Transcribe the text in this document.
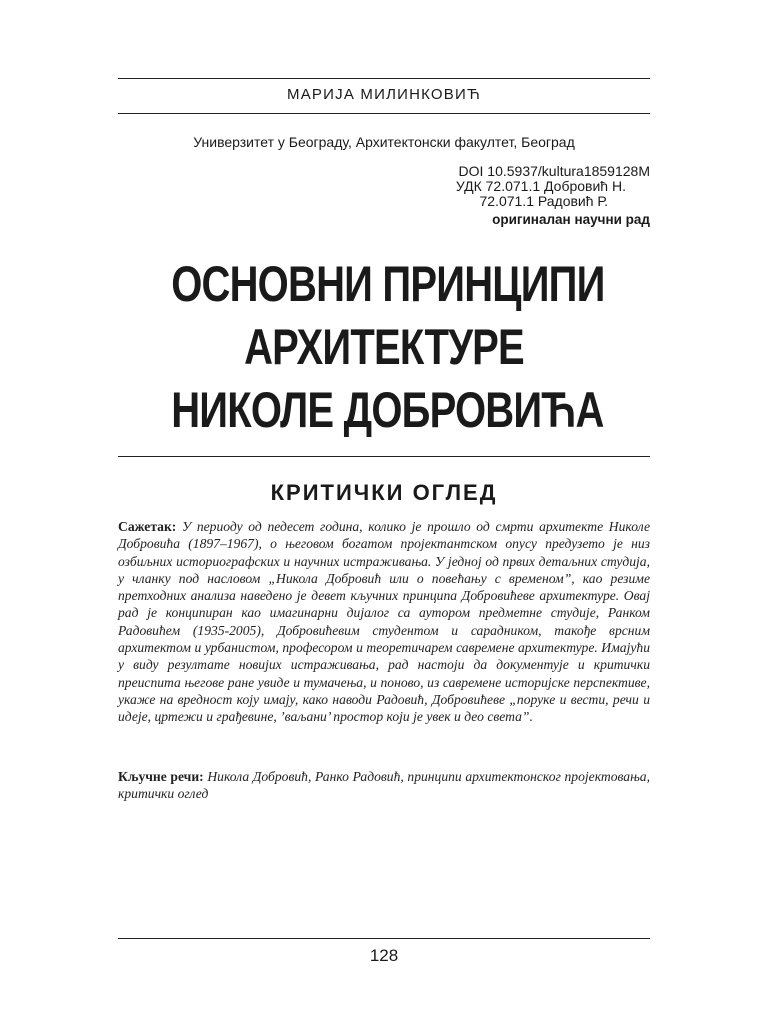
МАРИЈА МИЛИНКОВИЋ
Универзитет у Београду, Архитектонски факултет, Београд
DOI 10.5937/kultura1859128M
УДК 72.071.1 Добровић Н.
72.071.1 Радовић Р.
оригиналан научни рад
ОСНОВНИ ПРИНЦИПИ
АРХИТЕКТУРЕ
НИКОЛЕ ДОБРОВИЋА
КРИТИЧКИ ОГЛЕД
Сажетак: У периоду од педесет година, колико је прошло од смрти архитекте Николе Добровића (1897–1967), о његовом богатом пројектантском опусу предузето је низ озбиљних историографских и научних истраживања. У једној од првих детаљних студија, у чланку под насловом „Никола Добровић или о повећању с временом”, као резиме претходних анализа наведено је девет кључних принципа Добровићеве архитектуре. Овај рад је конципиран као имагинарни дијалог са аутором предметне студије, Ранком Радовићем (1935-2005), Добровићевим студентом и сарадником, такође врсним архитектом и урбанистом, професором и теоретичарем савремене архитектуре. Имајући у виду резултате новијих истраживања, рад настоји да документује и критички преиспита његове ране увиде и тумачења, и поново, из савремене историјске перспективе, укаже на вредност коју имају, како наводи Радовић, Добровићеве „поруке и вести, речи и идеје, цртежи и грађевине, ’ваљани’ простор који је увек и део света”.
Кључне речи: Никола Добровић, Ранко Радовић, принципи архитектонског пројектовања, критички оглед
128
